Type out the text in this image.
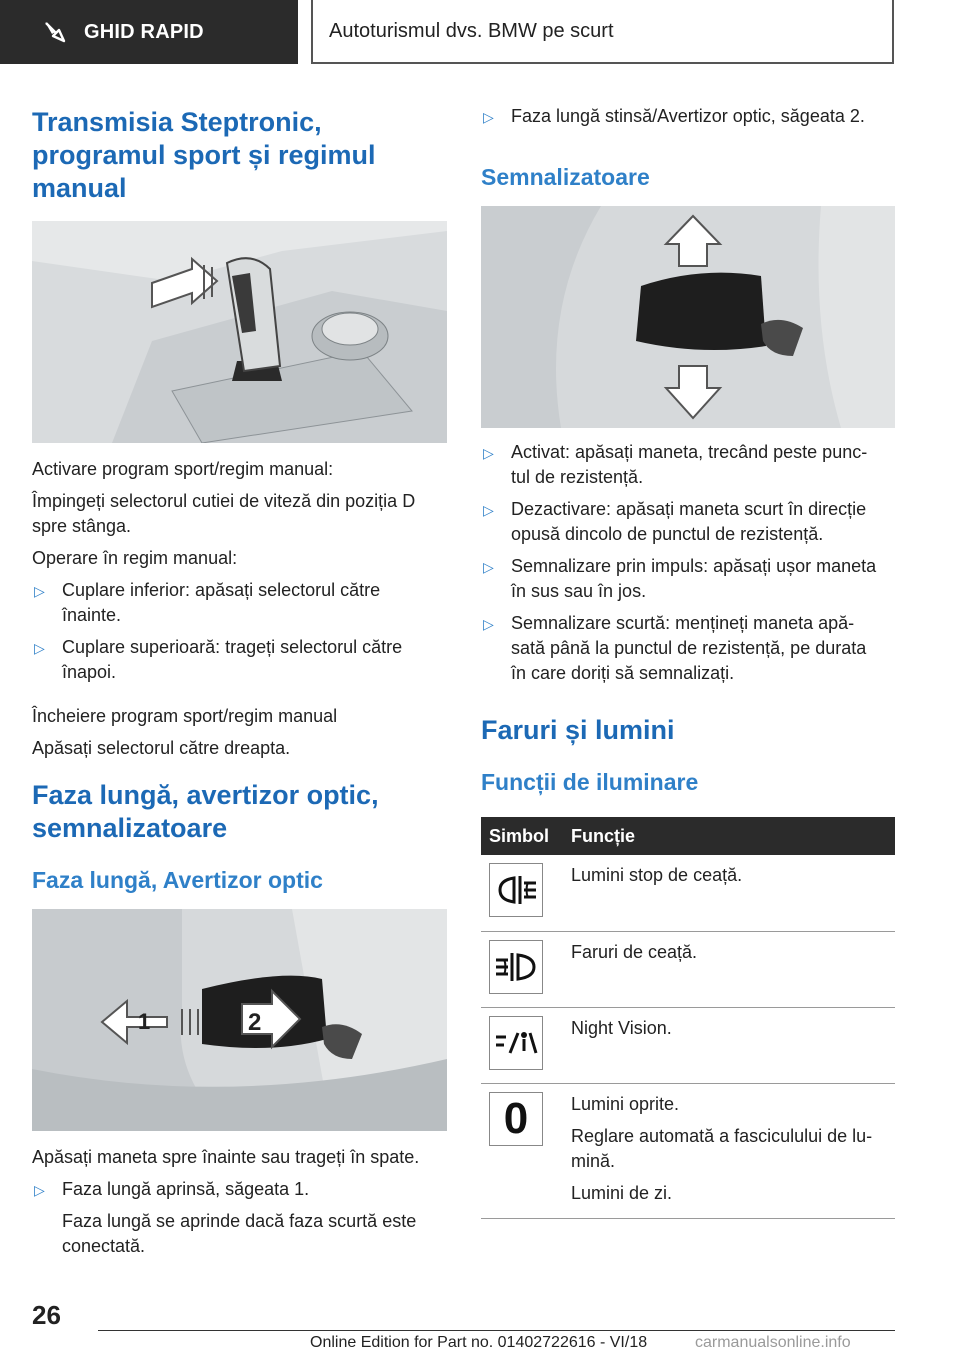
GHID RAPID	Autoturismul dvs. BMW pe scurt
Transmisia Steptronic,
programul sport și regimul
manual

Activare program sport/regim manual:

Împingeți selectorul cutiei de viteză din poziția D
spre stânga.

Operare în regim manual:

▷ Cuplare inferior: apăsați selectorul către
înainte.
▷ Cuplare superioară: trageți selectorul către
înapoi.

Încheiere program sport/regim manual

Apăsați selectorul către dreapta.

Faza lungă, avertizor optic,
semnalizatoare
Faza lungă, Avertizor optic
1	2

Apăsați maneta spre înainte sau trageți în spate.

▷ Faza lungă aprinsă, săgeata 1.
Faza lungă se aprinde dacă faza scurtă este
conectată.
▷ Faza lungă stinsă/Avertizor optic, săgeata 2.
Semnalizatoare
▷ Activat: apăsați maneta, trecând peste punc-
tul de rezistență.
▷ Dezactivare: apăsați maneta scurt în direcție
opusă dincolo de punctul de rezistență.
▷ Semnalizare prin impuls: apăsați ușor maneta
în sus sau în jos.
▷ Semnalizare scurtă: mențineți maneta apă-
sată până la punctul de rezistență, pe durata
în care doriți să semnalizați.
Faruri și lumini
Funcții de iluminare
Simbol	Funcție

	Lumini stop de ceață.

	Faruri de ceață.

	Night Vision.

0	Lumini oprite.
Reglare automată a fasciculului de lu-
mină.
Lumini de zi.
26
Online Edition for Part no. 01402722616 - VI/18	carmanualsonline.info
